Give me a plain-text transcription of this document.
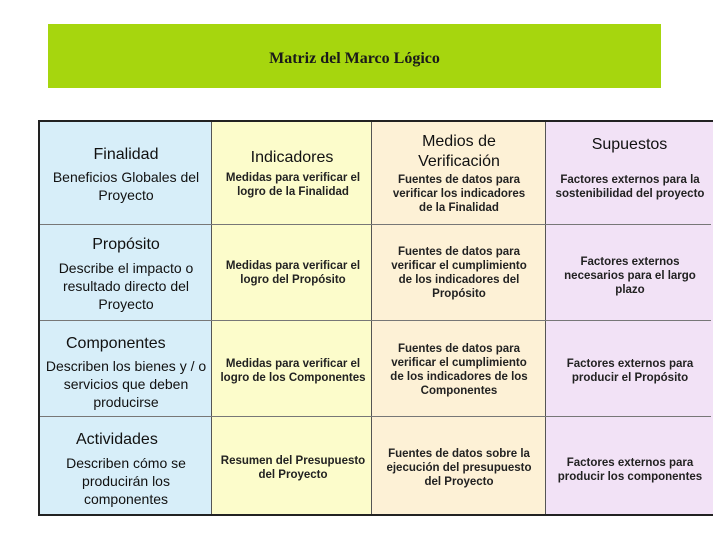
Matriz del Marco Lógico
Indicadores
Medios de Verificación
Supuestos
Finalidad
Beneficios Globales del Proyecto
Medidas para verificar el logro de la Finalidad
Fuentes de datos para verificar los indicadores de la Finalidad
Factores externos para la sostenibilidad del proyecto
Propósito
Describe el impacto o resultado directo del Proyecto
Medidas para verificar el logro del Propósito
Fuentes de datos para verificar el cumplimiento de los indicadores del Propósito
Factores externos necesarios para el largo plazo
Componentes
Describen los bienes y / o servicios que deben producirse
Medidas para verificar el logro de los Componentes
Fuentes de datos para verificar el cumplimiento de los indicadores de los Componentes
Factores externos para producir el Propósito
Actividades
Describen cómo se producirán los componentes
Resumen del Presupuesto del Proyecto
Fuentes de datos sobre la ejecución del presupuesto del Proyecto
Factores externos para producir los componentes
